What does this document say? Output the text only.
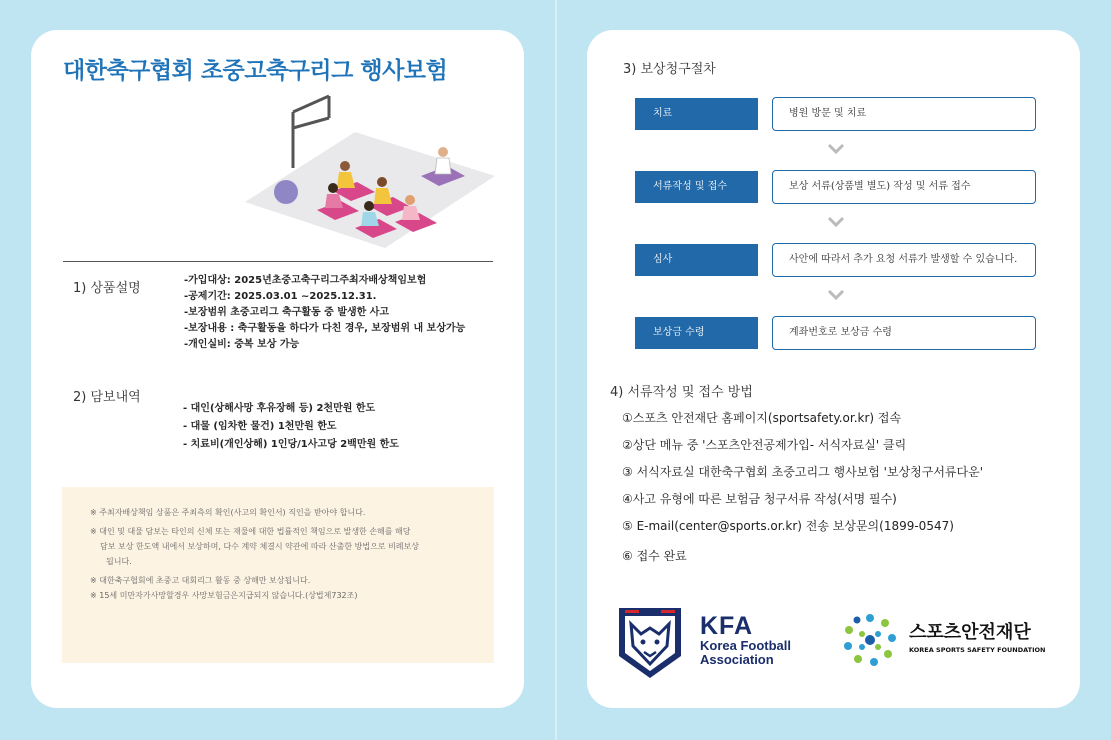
대한축구협회 초중고축구리그 행사보험
1) 상품설명
-가입대상: 2025년초중고축구리그주최자배상책임보험
-공제기간: 2025.03.01 ~2025.12.31.
-보장범위 초중고리그 축구활동 중 발생한 사고
-보장내용 : 축구활동을 하다가 다친 경우, 보장범위 내 보상가능
-개인실비: 중복 보상 가능
2) 담보내역
- 대인(상해사망 후유장해 등) 2천만원 한도
- 대물 (임차한 물건) 1천만원 한도
- 치료비(개인상해) 1인당/1사고당 2백만원 한도
※ 주최자배상책임 상품은 주최측의 확인(사고의 확인서) 직인을 받아야 합니다.
※ 대인 및 대물 담보는 타인의 신체 또는 재물에 대한 법률적인 책임으로 발생한 손해를 해당
담보 보상 한도액 내에서 보상하며, 다수 계약 체결시 약관에 따라 산출한 방법으로 비례보상
됩니다.
※ 대한축구협회에 초중고 대회리그 활동 중 상해만 보상됩니다.
※ 15세 미만자가사망할경우 사망보험금은지급되지 않습니다.(상법제732조)
3) 보상청구절차
치료	병원 방문 및 치료
서류작성 및 접수	보상 서류(상품별 별도) 작성 및 서류 접수
심사	사안에 따라서 추가 요청 서류가 발생할 수 있습니다.
보상금 수령	계좌번호로 보상금 수령
4) 서류작성 및 접수 방법
①스포츠 안전재단 홈페이지(sportsafety.or.kr) 접속
②상단 메뉴 중 '스포츠안전공제가입- 서식자료실' 클릭
③ 서식자료실 대한축구협회 초중고리그 행사보험 '보상청구서류다운'
④사고 유형에 따른 보험금 청구서류 작성(서명 필수)
⑤ E-mail(center@sports.or.kr) 전송 보상문의(1899-0547)
⑥ 접수 완료
KFA
Korea Football
Association
스포츠안전재단
KOREA SPORTS SAFETY FOUNDATION
